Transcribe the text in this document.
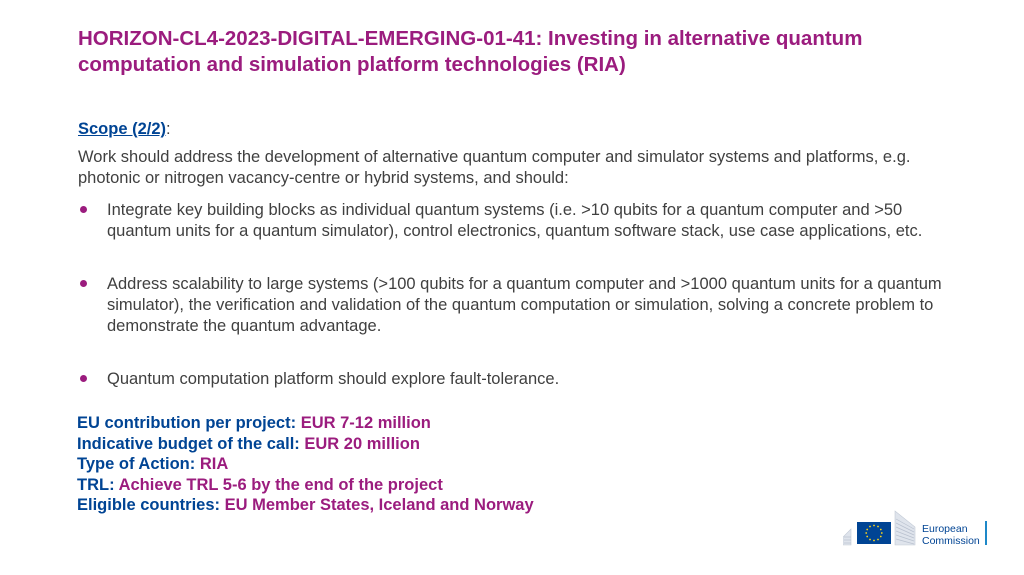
HORIZON-CL4-2023-DIGITAL-EMERGING-01-41: Investing in alternative quantum computation and simulation platform technologies (RIA)
Scope (2/2):

Work should address the development of alternative quantum computer and simulator systems and platforms, e.g. photonic or nitrogen vacancy-centre or hybrid systems, and should:

Integrate key building blocks as individual quantum systems (i.e. >10 qubits for a quantum computer and >50 quantum units for a quantum simulator), control electronics, quantum software stack, use case applications, etc.
Address scalability to large systems (>100 qubits for a quantum computer and >1000 quantum units for a quantum simulator), the verification and validation of the quantum computation or simulation, solving a concrete problem to demonstrate the quantum advantage.
Quantum computation platform should explore fault-tolerance.
EU contribution per project: EUR 7-12 million
Indicative budget of the call: EUR 20 million
Type of Action: RIA
TRL: Achieve TRL 5-6 by the end of the project
Eligible countries: EU Member States, Iceland and Norway
European
Commission
